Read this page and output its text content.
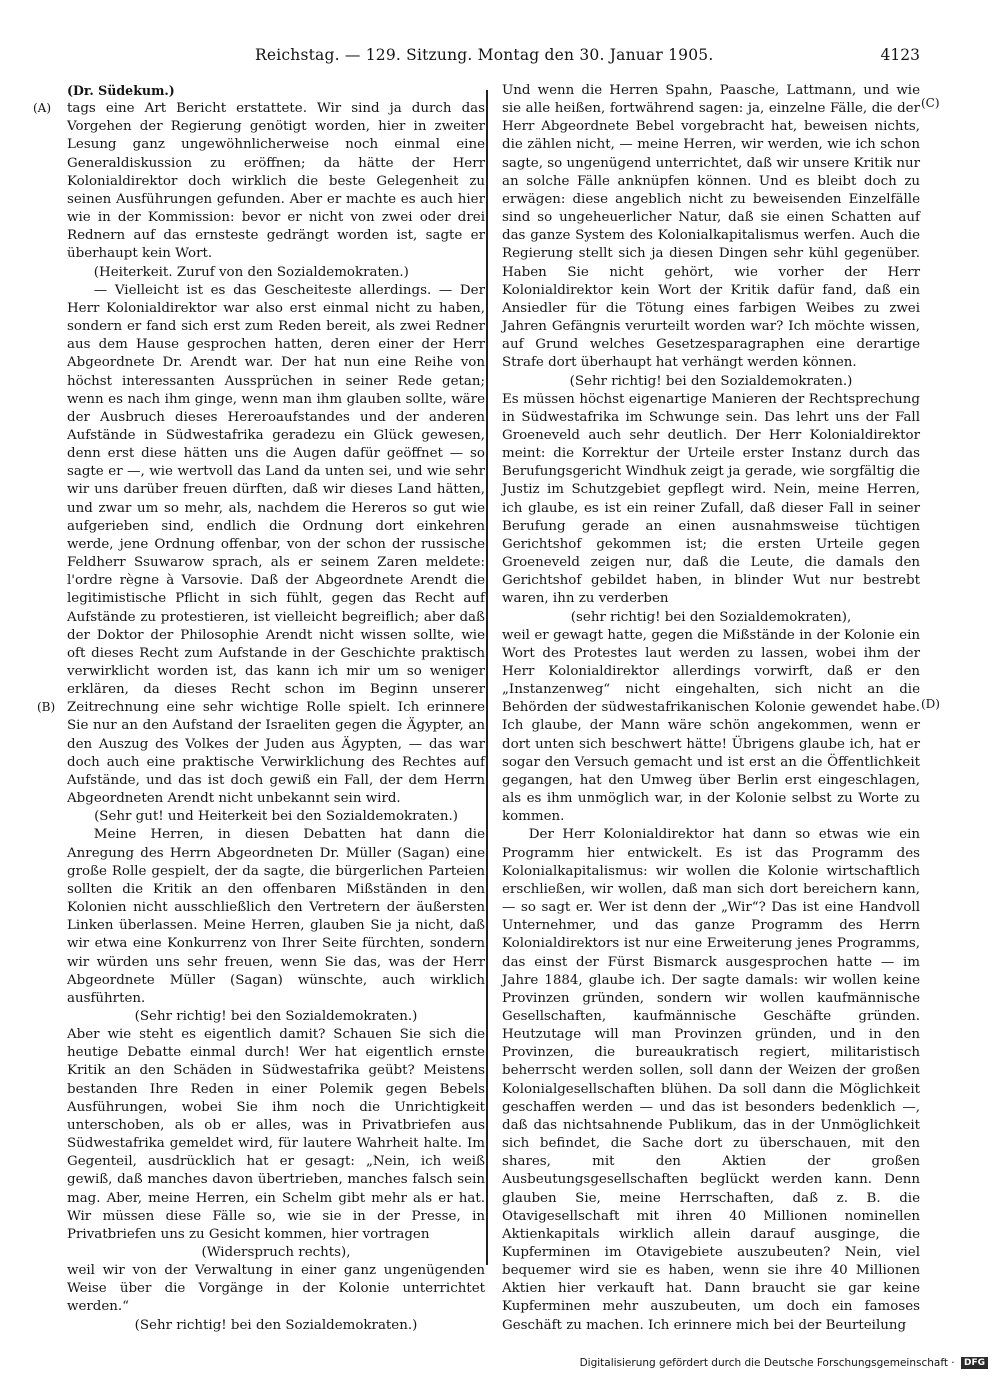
Reichstag. — 129. Sitzung. Montag den 30. Januar 1905.	4123
(A)
(B)
(C)
(D)

(Dr. Südekum.)

tags eine Art Bericht erstattete. Wir sind ja durch das Vorgehen der Regierung genötigt worden, hier in zweiter Lesung ganz ungewöhnlicherweise noch einmal eine Generaldiskussion zu eröffnen; da hätte der Herr Kolonialdirektor doch wirklich die beste Gelegenheit zu seinen Ausführungen gefunden. Aber er machte es auch hier wie in der Kommission: bevor er nicht von zwei oder drei Rednern auf das ernsteste gedrängt worden ist, sagte er überhaupt kein Wort.

(Heiterkeit. Zuruf von den Sozialdemokraten.)

— Vielleicht ist es das Gescheiteste allerdings. — Der Herr Kolonialdirektor war also erst einmal nicht zu haben, sondern er fand sich erst zum Reden bereit, als zwei Redner aus dem Hause gesprochen hatten, deren einer der Herr Abgeordnete Dr. Arendt war. Der hat nun eine Reihe von höchst interessanten Aussprüchen in seiner Rede getan; wenn es nach ihm ginge, wenn man ihm glauben sollte, wäre der Ausbruch dieses Hereroaufstandes und der anderen Aufstände in Südwestafrika geradezu ein Glück gewesen, denn erst diese hätten uns die Augen dafür geöffnet — so sagte er —, wie wertvoll das Land da unten sei, und wie sehr wir uns darüber freuen dürften, daß wir dieses Land hätten, und zwar um so mehr, als, nachdem die Hereros so gut wie aufgerieben sind, endlich die Ordnung dort einkehren werde, jene Ordnung offenbar, von der schon der russische Feldherr Ssuwarow sprach, als er seinem Zaren meldete: l'ordre règne à Varsovie. Daß der Abgeordnete Arendt die legitimistische Pflicht in sich fühlt, gegen das Recht auf Aufstände zu protestieren, ist vielleicht begreiflich; aber daß der Doktor der Philosophie Arendt nicht wissen sollte, wie oft dieses Recht zum Aufstande in der Geschichte praktisch verwirklicht worden ist, das kann ich mir um so weniger erklären, da dieses Recht schon im Beginn unserer Zeitrechnung eine sehr wichtige Rolle spielt. Ich erinnere Sie nur an den Aufstand der Israeliten gegen die Ägypter, an den Auszug des Volkes der Juden aus Ägypten, — das war doch auch eine praktische Verwirklichung des Rechtes auf Aufstände, und das ist doch gewiß ein Fall, der dem Herrn Abgeordneten Arendt nicht unbekannt sein wird.

(Sehr gut! und Heiterkeit bei den Sozialdemokraten.)

Meine Herren, in diesen Debatten hat dann die Anregung des Herrn Abgeordneten Dr. Müller (Sagan) eine große Rolle gespielt, der da sagte, die bürgerlichen Parteien sollten die Kritik an den offenbaren Mißständen in den Kolonien nicht ausschließlich den Vertretern der äußersten Linken überlassen. Meine Herren, glauben Sie ja nicht, daß wir etwa eine Konkurrenz von Ihrer Seite fürchten, sondern wir würden uns sehr freuen, wenn Sie das, was der Herr Abgeordnete Müller (Sagan) wünschte, auch wirklich ausführten.

(Sehr richtig! bei den Sozialdemokraten.)

Aber wie steht es eigentlich damit? Schauen Sie sich die heutige Debatte einmal durch! Wer hat eigentlich ernste Kritik an den Schäden in Südwestafrika geübt? Meistens bestanden Ihre Reden in einer Polemik gegen Bebels Ausführungen, wobei Sie ihm noch die Unrichtigkeit unterschoben, als ob er alles, was in Privatbriefen aus Südwestafrika gemeldet wird, für lautere Wahrheit halte. Im Gegenteil, ausdrücklich hat er gesagt: „Nein, ich weiß gewiß, daß manches davon übertrieben, manches falsch sein mag. Aber, meine Herren, ein Schelm gibt mehr als er hat. Wir müssen diese Fälle so, wie sie in der Presse, in Privatbriefen uns zu Gesicht kommen, hier vortragen

(Widerspruch rechts),

weil wir von der Verwaltung in einer ganz ungenügenden Weise über die Vorgänge in der Kolonie unterrichtet werden.“

(Sehr richtig! bei den Sozialdemokraten.)

Und wenn die Herren Spahn, Paasche, Lattmann, und wie sie alle heißen, fortwährend sagen: ja, einzelne Fälle, die der Herr Abgeordnete Bebel vorgebracht hat, beweisen nichts, die zählen nicht, — meine Herren, wir werden, wie ich schon sagte, so ungenügend unterrichtet, daß wir unsere Kritik nur an solche Fälle anknüpfen können. Und es bleibt doch zu erwägen: diese angeblich nicht zu beweisenden Einzelfälle sind so ungeheuerlicher Natur, daß sie einen Schatten auf das ganze System des Kolonialkapitalismus werfen. Auch die Regierung stellt sich ja diesen Dingen sehr kühl gegenüber. Haben Sie nicht gehört, wie vorher der Herr Kolonialdirektor kein Wort der Kritik dafür fand, daß ein Ansiedler für die Tötung eines farbigen Weibes zu zwei Jahren Gefängnis verurteilt worden war? Ich möchte wissen, auf Grund welches Gesetzesparagraphen eine derartige Strafe dort überhaupt hat verhängt werden können.

(Sehr richtig! bei den Sozialdemokraten.)

Es müssen höchst eigenartige Manieren der Rechtsprechung in Südwestafrika im Schwunge sein. Das lehrt uns der Fall Groeneveld auch sehr deutlich. Der Herr Kolonialdirektor meint: die Korrektur der Urteile erster Instanz durch das Berufungsgericht Windhuk zeigt ja gerade, wie sorgfältig die Justiz im Schutzgebiet gepflegt wird. Nein, meine Herren, ich glaube, es ist ein reiner Zufall, daß dieser Fall in seiner Berufung gerade an einen ausnahmsweise tüchtigen Gerichtshof gekommen ist; die ersten Urteile gegen Groeneveld zeigen nur, daß die Leute, die damals den Gerichtshof gebildet haben, in blinder Wut nur bestrebt waren, ihn zu verderben

(sehr richtig! bei den Sozialdemokraten),

weil er gewagt hatte, gegen die Mißstände in der Kolonie ein Wort des Protestes laut werden zu lassen, wobei ihm der Herr Kolonialdirektor allerdings vorwirft, daß er den „Instanzenweg“ nicht eingehalten, sich nicht an die Behörden der südwestafrikanischen Kolonie gewendet habe. Ich glaube, der Mann wäre schön angekommen, wenn er dort unten sich beschwert hätte! Übrigens glaube ich, hat er sogar den Versuch gemacht und ist erst an die Öffentlichkeit gegangen, hat den Umweg über Berlin erst eingeschlagen, als es ihm unmöglich war, in der Kolonie selbst zu Worte zu kommen.

Der Herr Kolonialdirektor hat dann so etwas wie ein Programm hier entwickelt. Es ist das Programm des Kolonialkapitalismus: wir wollen die Kolonie wirtschaftlich erschließen, wir wollen, daß man sich dort bereichern kann, — so sagt er. Wer ist denn der „Wir“? Das ist eine Handvoll Unternehmer, und das ganze Programm des Herrn Kolonialdirektors ist nur eine Erweiterung jenes Programms, das einst der Fürst Bismarck ausgesprochen hatte — im Jahre 1884, glaube ich. Der sagte damals: wir wollen keine Provinzen gründen, sondern wir wollen kaufmännische Gesellschaften, kaufmännische Geschäfte gründen. Heutzutage will man Provinzen gründen, und in den Provinzen, die bureaukratisch regiert, militaristisch beherrscht werden sollen, soll dann der Weizen der großen Kolonialgesellschaften blühen. Da soll dann die Möglichkeit geschaffen werden — und das ist besonders bedenklich —, daß das nichtsahnende Publikum, das in der Unmöglichkeit sich befindet, die Sache dort zu überschauen, mit den shares, mit den Aktien der großen Ausbeutungsgesellschaften beglückt werden kann. Denn glauben Sie, meine Herrschaften, daß z. B. die Otavigesellschaft mit ihren 40 Millionen nominellen Aktienkapitals wirklich allein darauf ausginge, die Kupferminen im Otavigebiete auszubeuten? Nein, viel bequemer wird sie es haben, wenn sie ihre 40 Millionen Aktien hier verkauft hat. Dann braucht sie gar keine Kupferminen mehr auszubeuten, um doch ein famoses Geschäft zu machen. Ich erinnere mich bei der Beurteilung

Digitalisierung gefördert durch die Deutsche Forschungsgemeinschaft · DFG
